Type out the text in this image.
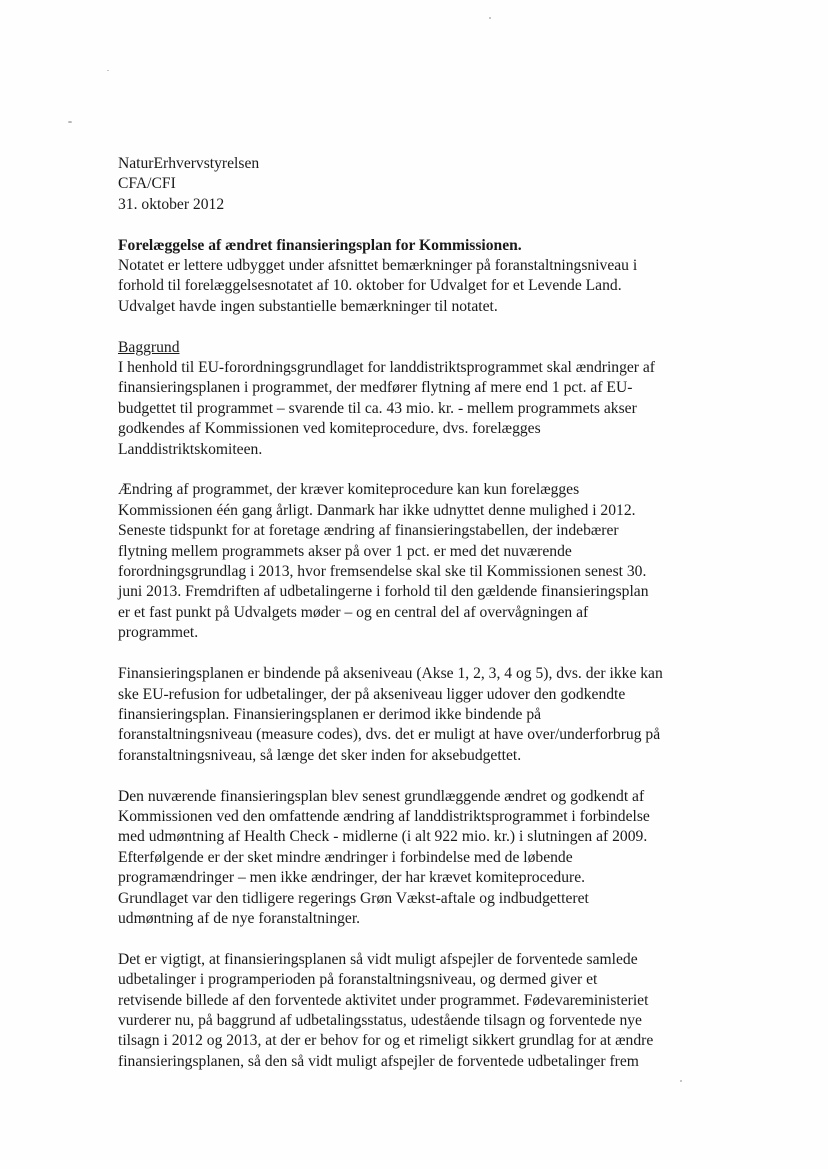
NaturErhvervstyrelsen
CFA/CFI
31. oktober 2012
Forelæggelse af ændret finansieringsplan for Kommissionen.
Notatet er lettere udbygget under afsnittet bemærkninger på foranstaltningsniveau i
forhold til forelæggelsesnotatet af 10. oktober for Udvalget for et Levende Land.
Udvalget havde ingen substantielle bemærkninger til notatet.
Baggrund
I henhold til EU-forordningsgrundlaget for landdistriktsprogrammet skal ændringer af
finansieringsplanen i programmet, der medfører flytning af mere end 1 pct. af EU-
budgettet til programmet – svarende til ca. 43 mio. kr. - mellem programmets akser
godkendes af Kommissionen ved komiteprocedure, dvs. forelægges
Landdistriktskomiteen.
Ændring af programmet, der kræver komiteprocedure kan kun forelægges
Kommissionen één gang årligt. Danmark har ikke udnyttet denne mulighed i 2012.
Seneste tidspunkt for at foretage ændring af finansieringstabellen, der indebærer
flytning mellem programmets akser på over 1 pct. er med det nuværende
forordningsgrundlag i 2013, hvor fremsendelse skal ske til Kommissionen senest 30.
juni 2013. Fremdriften af udbetalingerne i forhold til den gældende finansieringsplan
er et fast punkt på Udvalgets møder – og en central del af overvågningen af
programmet.
Finansieringsplanen er bindende på akseniveau (Akse 1, 2, 3, 4 og 5), dvs. der ikke kan
ske EU-refusion for udbetalinger, der på akseniveau ligger udover den godkendte
finansieringsplan. Finansieringsplanen er derimod ikke bindende på
foranstaltningsniveau (measure codes), dvs. det er muligt at have over/underforbrug på
foranstaltningsniveau, så længe det sker inden for aksebudgettet.
Den nuværende finansieringsplan blev senest grundlæggende ændret og godkendt af
Kommissionen ved den omfattende ændring af landdistriktsprogrammet i forbindelse
med udmøntning af Health Check - midlerne (i alt 922 mio. kr.) i slutningen af 2009.
Efterfølgende er der sket mindre ændringer i forbindelse med de løbende
programændringer – men ikke ændringer, der har krævet komiteprocedure.
Grundlaget var den tidligere regerings Grøn Vækst-aftale og indbudgetteret
udmøntning af de nye foranstaltninger.
Det er vigtigt, at finansieringsplanen så vidt muligt afspejler de forventede samlede
udbetalinger i programperioden på foranstaltningsniveau, og dermed giver et
retvisende billede af den forventede aktivitet under programmet. Fødevareministeriet
vurderer nu, på baggrund af udbetalingsstatus, udestående tilsagn og forventede nye
tilsagn i 2012 og 2013, at der er behov for og et rimeligt sikkert grundlag for at ændre
finansieringsplanen, så den så vidt muligt afspejler de forventede udbetalinger frem
